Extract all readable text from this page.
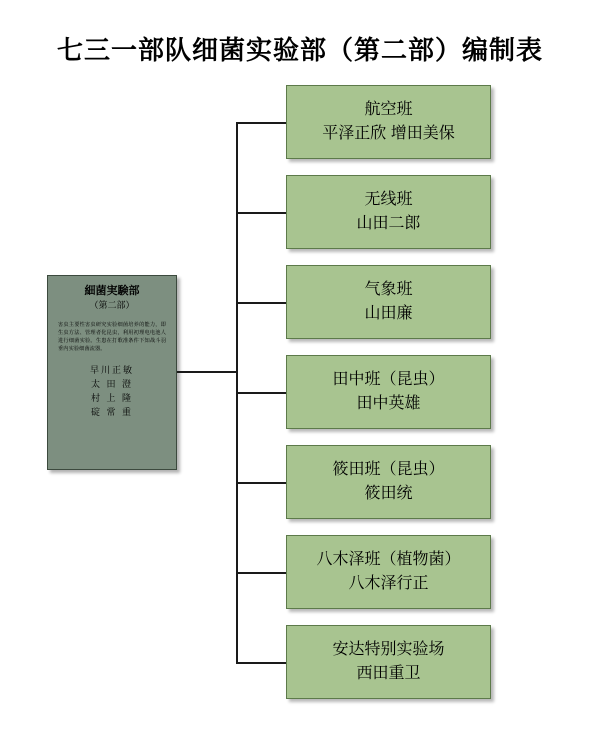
七三一部队细菌实验部（第二部）编制表
細菌実験部
（第二部）
害虫主要性害虫研究实验细菌培养的能力，即生虫方法、管理者化昆虫，利用初理电电池人进行细菌实验。生患在打歌准条件下知战斗羽垂内实验细菌流器。
早川正敏
太 田 澄
村 上 隆
碇 常 重
航空班
平泽正欣 增田美保
无线班
山田二郎
气象班
山田廉
田中班（昆虫）
田中英雄
筱田班（昆虫）
筱田统
八木泽班（植物菌）
八木泽行正
安达特别实验场
西田重卫
